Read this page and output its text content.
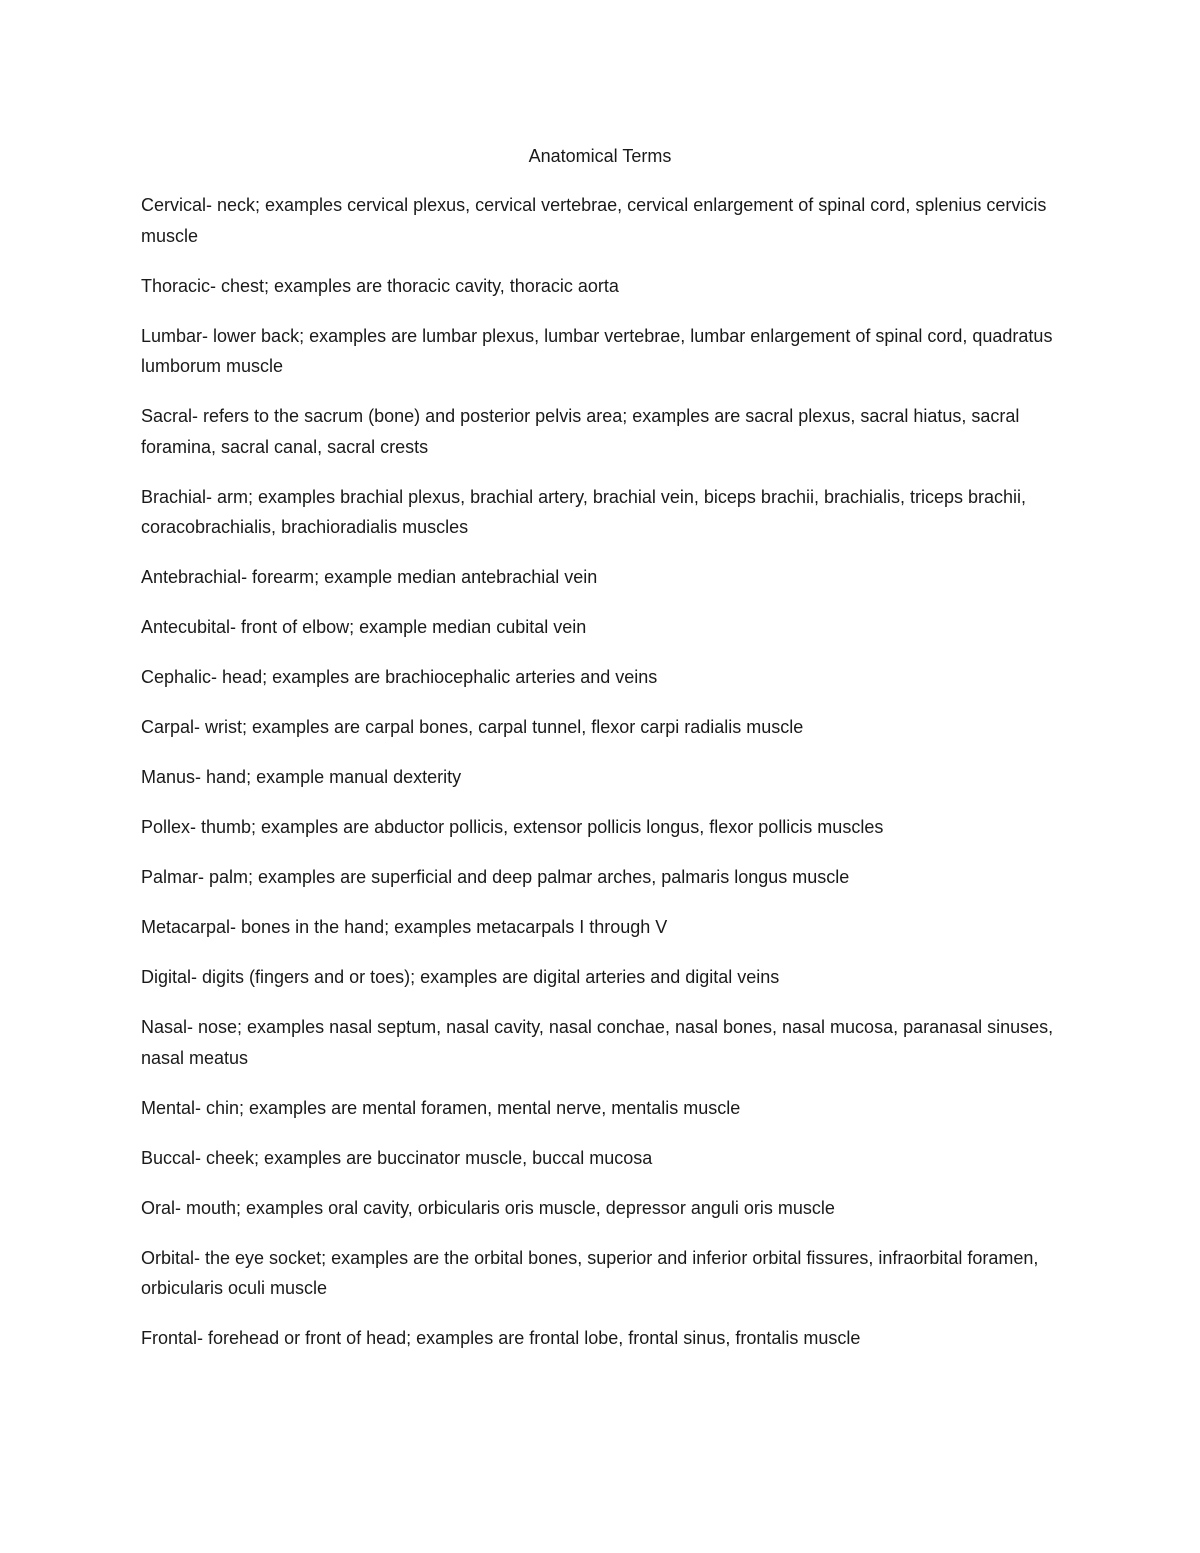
Anatomical Terms

Cervical- neck; examples cervical plexus, cervical vertebrae, cervical enlargement of spinal cord, splenius cervicis muscle

Thoracic- chest; examples are thoracic cavity, thoracic aorta

Lumbar- lower back; examples are lumbar plexus, lumbar vertebrae, lumbar enlargement of spinal cord, quadratus lumborum muscle

Sacral- refers to the sacrum (bone) and posterior pelvis area; examples are sacral plexus, sacral hiatus, sacral foramina, sacral canal, sacral crests

Brachial- arm; examples brachial plexus, brachial artery, brachial vein, biceps brachii, brachialis, triceps brachii, coracobrachialis, brachioradialis muscles

Antebrachial- forearm; example median antebrachial vein

Antecubital- front of elbow; example median cubital vein

Cephalic- head; examples are brachiocephalic arteries and veins

Carpal- wrist; examples are carpal bones, carpal tunnel, flexor carpi radialis muscle

Manus- hand; example manual dexterity

Pollex- thumb; examples are abductor pollicis, extensor pollicis longus, flexor pollicis muscles

Palmar- palm; examples are superficial and deep palmar arches, palmaris longus muscle

Metacarpal- bones in the hand; examples metacarpals I through V

Digital- digits (fingers and or toes); examples are digital arteries and digital veins

Nasal- nose; examples nasal septum, nasal cavity, nasal conchae, nasal bones, nasal mucosa, paranasal sinuses, nasal meatus

Mental- chin; examples are mental foramen, mental nerve, mentalis muscle

Buccal- cheek; examples are buccinator muscle, buccal mucosa

Oral- mouth; examples oral cavity, orbicularis oris muscle, depressor anguli oris muscle

Orbital- the eye socket; examples are the orbital bones, superior and inferior orbital fissures, infraorbital foramen, orbicularis oculi muscle

Frontal- forehead or front of head; examples are frontal lobe, frontal sinus, frontalis muscle
